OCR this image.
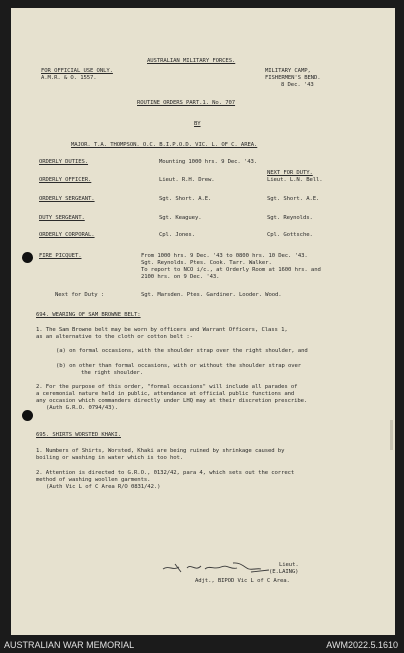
AUSTRALIAN MILITARY FORCES.
FOR OFFICIAL USE ONLY.
A.M.R. & O. 1557.
MILITARY CAMP,
FISHERMEN'S BEND.
8 Dec. '43
ROUTINE ORDERS PART.1. No. 707
BY
MAJOR. T.A. THOMPSON. O.C. B.I.P.O.D. VIC. L. OF C. AREA.
ORDERLY DUTIES.	Mounting 1000 hrs. 9 Dec. '43.
NEXT FOR DUTY.
ORDERLY OFFICER.	Lieut. R.H. Drew.	Lieut. L.N. Bell.
ORDERLY SERGEANT.	Sgt. Short. A.E.	Sgt. Short. A.E.
DUTY SERGEANT.	Sgt. Keaguey.	Sgt. Reynolds.
ORDERLY CORPORAL.	Cpl. Jones.	Cpl. Gottsche.
FIRE PICQUET.	From 1000 hrs. 9 Dec. '43 to 0800 hrs. 10 Dec. '43.
Sgt. Reynolds. Ptes. Cook. Tarr. Walker.
To report to NCO i/c., at Orderly Room at 1600 hrs. and
2100 hrs. on 9 Dec. '43.
Next for Duty :	Sgt. Marsden. Ptes. Gardiner. Looder. Wood.
694. WEARING OF SAM BROWNE BELT:
1. The Sam Browne belt may be worn by officers and Warrant Officers, Class 1,
as an alternative to the cloth or cotton belt :-
(a) on formal occasions, with the shoulder strap over the right shoulder, and
(b) on other than formal occasions, with or without the shoulder strap over
the right shoulder.
2. For the purpose of this order, "formal occasions" will include all parades of
a ceremonial nature held in public, attendance at official public functions and
any occasion which commanders directly under LHQ may at their discretion prescribe.
(Auth G.R.O. 0794/43).
695. SHIRTS WORSTED KHAKI.
1. Numbers of Shirts, Worsted, Khaki are being ruined by shrinkage caused by
boiling or washing in water which is too hot.
2. Attention is directed to G.R.O., 0132/42, para 4, which sets out the correct
method of washing woollen garments.
(Auth Vic L of C Area R/O 0831/42.)
Lieut.
(E.LAING)
Adjt., BIPOD Vic L of C Area.
AUSTRALIAN WAR MEMORIAL	AWM2022.5.1610
